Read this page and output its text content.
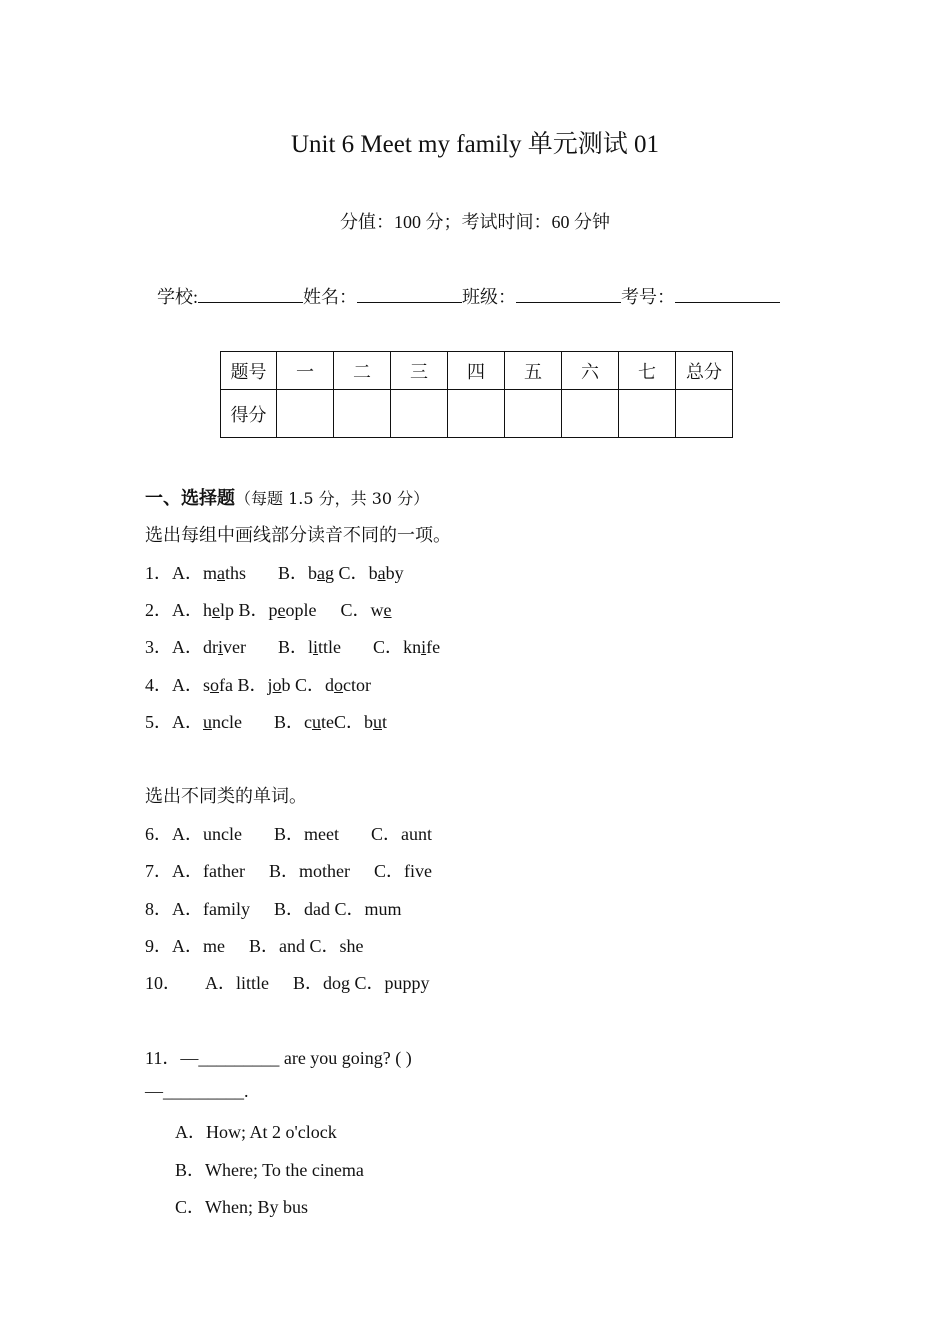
Unit 6 Meet my family 单元测试 01
分值：100 分；考试时间：60 分钟
学校:	姓名：	班级：	考号：
题号	一	二	三	四	五	六	七	总分
得分								
一、选择题（每题 1.5 分，共 30 分）
选出每组中画线部分读音不同的一项。
1．A．maths B．bag C．baby
2．A．help B．people C．we
3．A．driver B．little C．knife
4．A．sofa B．job C．doctor
5．A．uncle B．cuteC．but
选出不同类的单词。
6．A．uncle B．meet C．aunt
7．A．father B．mother C．five
8．A．family B．dad C．mum
9．A．me B．and C．she
10． A．little B．dog C．puppy
11．—_________ are you going? ( )
—_________.
A．How; At 2 o'clock
B．Where; To the cinema
C．When; By bus
